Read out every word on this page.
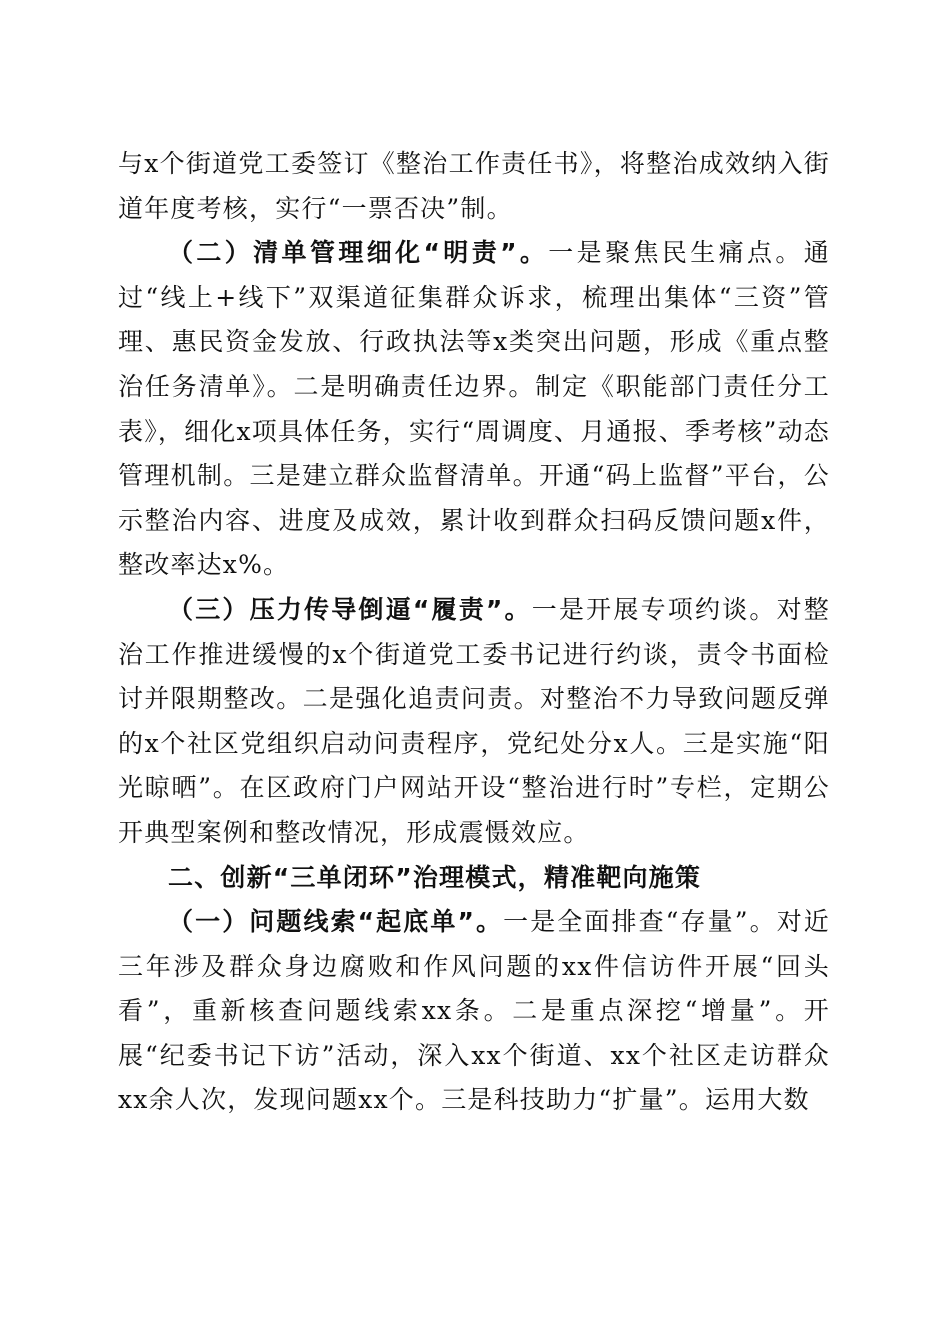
与x个街道党工委签订《整治工作责任书》，将整治成效纳入街道年度考核，实行“一票否决”制。

（二）清单管理细化“明责”。一是聚焦民生痛点。通过“线上+线下”双渠道征集群众诉求，梳理出集体“三资”管理、惠民资金发放、行政执法等x类突出问题，形成《重点整治任务清单》。二是明确责任边界。制定《职能部门责任分工表》，细化x项具体任务，实行“周调度、月通报、季考核”动态管理机制。三是建立群众监督清单。开通“码上监督”平台，公示整治内容、进度及成效，累计收到群众扫码反馈问题x件，整改率达x%。

（三）压力传导倒逼“履责”。一是开展专项约谈。对整治工作推进缓慢的x个街道党工委书记进行约谈，责令书面检讨并限期整改。二是强化追责问责。对整治不力导致问题反弹的x个社区党组织启动问责程序，党纪处分x人。三是实施“阳光晾晒”。在区政府门户网站开设“整治进行时”专栏，定期公开典型案例和整改情况，形成震慑效应。

二、创新“三单闭环”治理模式，精准靶向施策

（一）问题线索“起底单”。一是全面排查“存量”。对近三年涉及群众身边腐败和作风问题的xx件信访件开展“回头看”，重新核查问题线索xx条。二是重点深挖“增量”。开展“纪委书记下访”活动，深入xx个街道、xx个社区走访群众xx余人次，发现问题xx个。三是科技助力“扩量”。运用大数
